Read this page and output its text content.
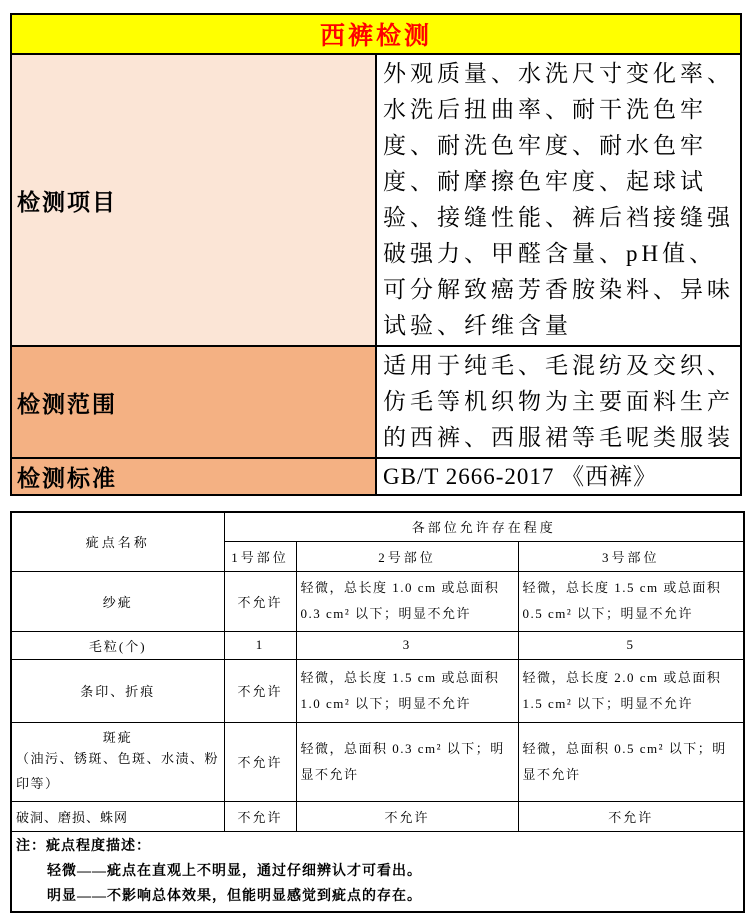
西裤检测	
检测项目	外观质量、水洗尺寸变化率、水洗后扭曲率、耐干洗色牢度、耐洗色牢度、耐水色牢度、耐摩擦色牢度、起球试验、接缝性能、裤后裆接缝强破强力、甲醛含量、pH值、可分解致癌芳香胺染料、异味试验、纤维含量
检测范围	适用于纯毛、毛混纺及交织、仿毛等机织物为主要面料生产的西裤、西服裙等毛呢类服装
检测标准	GB/T 2666-2017 《西裤》
疵点名称	各部位允许存在程度		
	1号部位	2号部位	3号部位
纱疵	不允许	轻微，总长度 1.0 cm 或总面积 0.3 cm² 以下；明显不允许	轻微，总长度 1.5 cm 或总面积 0.5 cm² 以下；明显不允许
毛粒(个)	1	3	5
条印、折痕	不允许	轻微，总长度 1.5 cm 或总面积 1.0 cm² 以下；明显不允许	轻微，总长度 2.0 cm 或总面积 1.5 cm² 以下；明显不允许

斑疵
（油污、锈斑、色斑、水渍、粉印等）	不允许	轻微，总面积 0.3 cm² 以下；明显不允许	轻微，总面积 0.5 cm² 以下；明显不允许
破洞、磨损、蛛网	不允许	不允许	不允许

注：疵点程度描述：
轻微——疵点在直观上不明显，通过仔细辨认才可看出。
明显——不影响总体效果，但能明显感觉到疵点的存在。			
